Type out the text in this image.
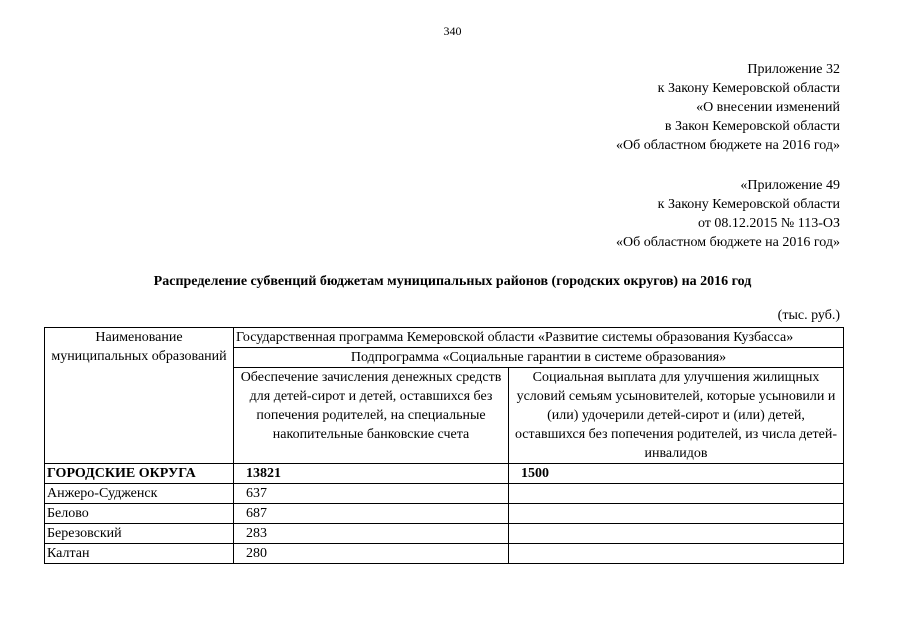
340
Приложение 32
к Закону Кемеровской области
«О внесении изменений
в Закон Кемеровской области
«Об областном бюджете на 2016 год»
«Приложение 49
к Закону Кемеровской области
от 08.12.2015 № 113-ОЗ
«Об областном бюджете на 2016 год»
Распределение субвенций бюджетам муниципальных районов (городских округов) на 2016 год
(тыс. руб.)
Наименование муниципальных образований	Государственная программа Кемеровской области «Развитие системы образования Кузбасса»	
	Подпрограмма «Социальные гарантии в системе образования»	
	Обеспечение зачисления денежных средств для детей-сирот и детей, оставшихся без попечения родителей, на специальные накопительные банковские счета	Социальная выплата для улучшения жилищных условий семьям усыновителей, которые усыновили и (или) удочерили детей-сирот и (или) детей, оставшихся без попечения родителей, из числа детей-инвалидов
ГОРОДСКИЕ ОКРУГА	13821	1500
Анжеро-Судженск	637	
Белово	687	
Березовский	283	
Калтан	280	
